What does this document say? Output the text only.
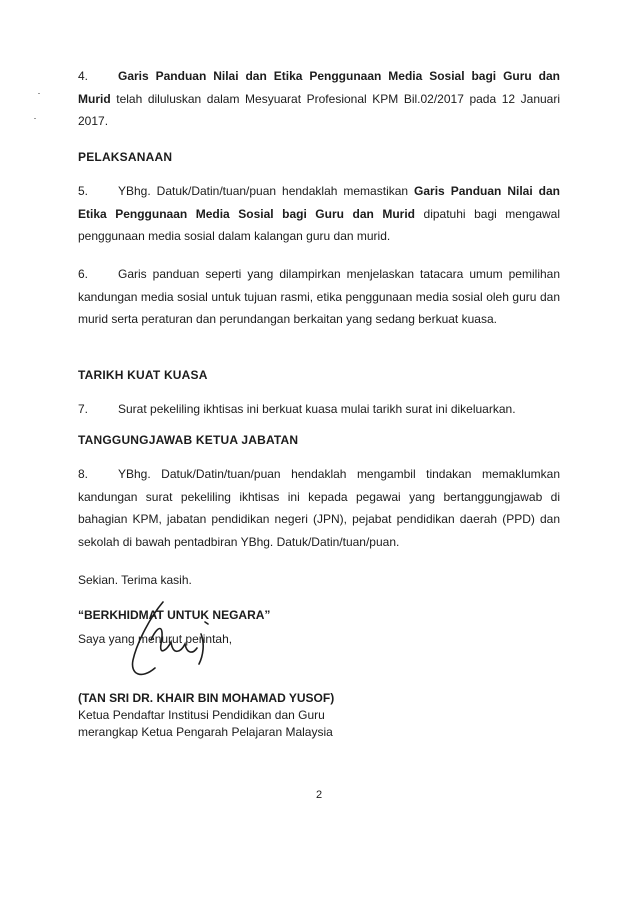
4. Garis Panduan Nilai dan Etika Penggunaan Media Sosial bagi Guru dan Murid telah diluluskan dalam Mesyuarat Profesional KPM Bil.02/2017 pada 12 Januari 2017.

PELAKSANAAN

5. YBhg. Datuk/Datin/tuan/puan hendaklah memastikan Garis Panduan Nilai dan Etika Penggunaan Media Sosial bagi Guru dan Murid dipatuhi bagi mengawal penggunaan media sosial dalam kalangan guru dan murid.

6. Garis panduan seperti yang dilampirkan menjelaskan tatacara umum pemilihan kandungan media sosial untuk tujuan rasmi, etika penggunaan media sosial oleh guru dan murid serta peraturan dan perundangan berkaitan yang sedang berkuat kuasa.

TARIKH KUAT KUASA

7. Surat pekeliling ikhtisas ini berkuat kuasa mulai tarikh surat ini dikeluarkan.

TANGGUNGJAWAB KETUA JABATAN

8. YBhg. Datuk/Datin/tuan/puan hendaklah mengambil tindakan memaklumkan kandungan surat pekeliling ikhtisas ini kepada pegawai yang bertanggungjawab di bahagian KPM, jabatan pendidikan negeri (JPN), pejabat pendidikan daerah (PPD) dan sekolah di bawah pentadbiran YBhg. Datuk/Datin/tuan/puan.

Sekian. Terima kasih.

“BERKHIDMAT UNTUK NEGARA”

Saya yang menurut perintah,

(TAN SRI DR. KHAIR BIN MOHAMAD YUSOF)

Ketua Pendaftar Institusi Pendidikan dan Guru

merangkap Ketua Pengarah Pelajaran Malaysia

2
